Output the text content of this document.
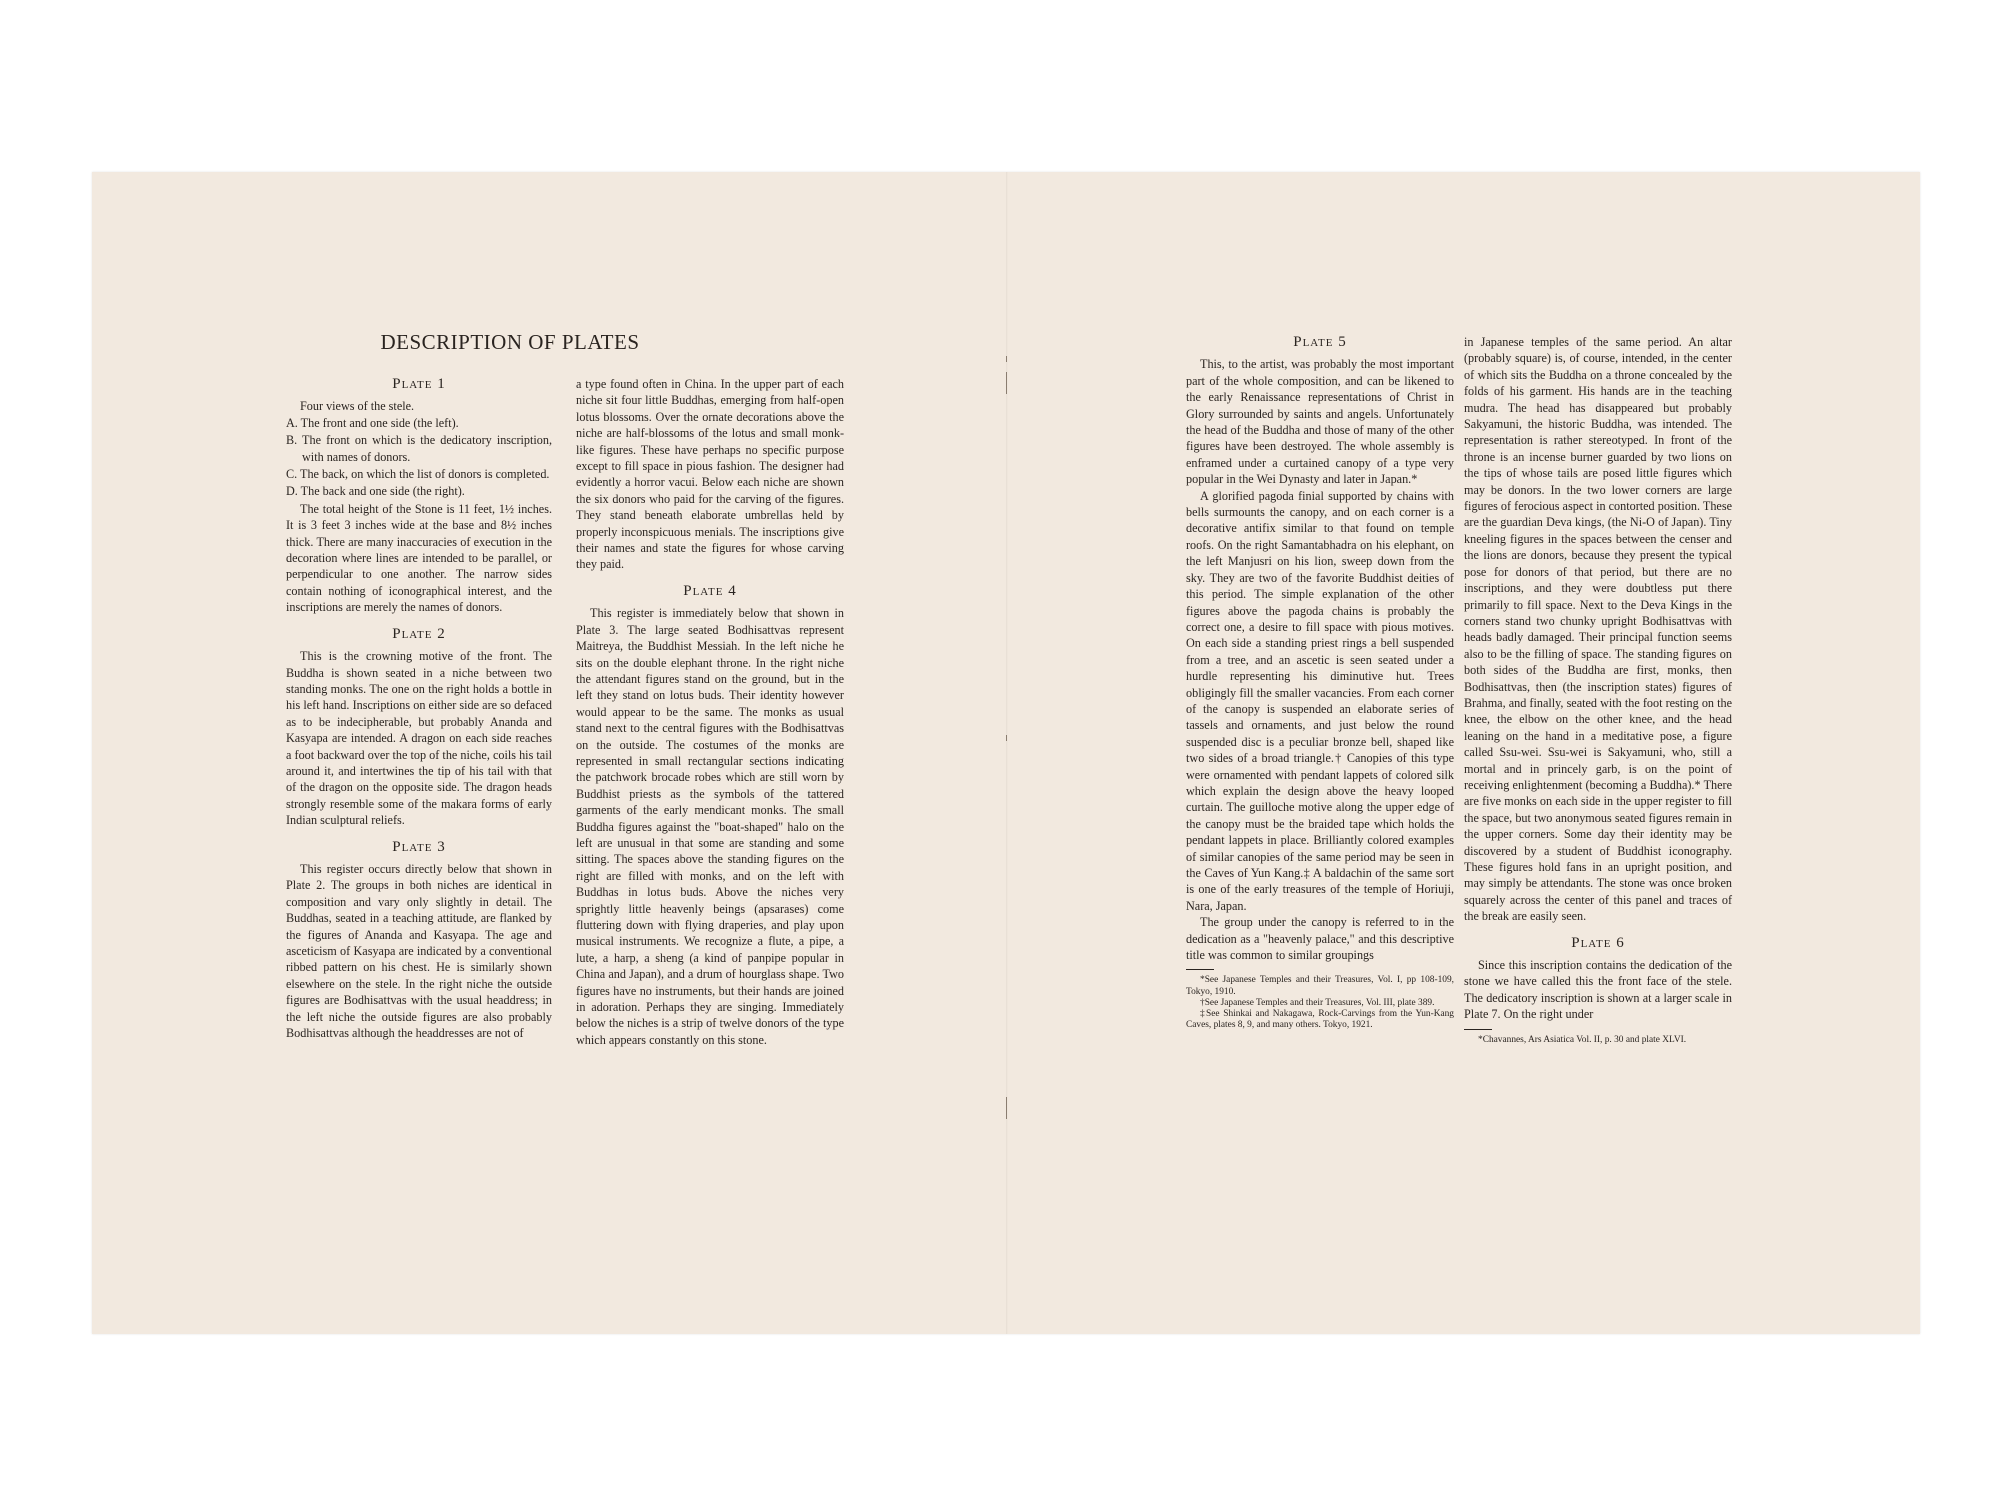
DESCRIPTION OF PLATES
Plate 1

Four views of the stele.

A. The front and one side (the left).

B. The front on which is the dedicatory inscription, with names of donors.

C. The back, on which the list of donors is completed.

D. The back and one side (the right).

The total height of the Stone is 11 feet, 1½ inches. It is 3 feet 3 inches wide at the base and 8½ inches thick. There are many inaccuracies of execution in the decoration where lines are intended to be parallel, or perpendicular to one another. The narrow sides contain nothing of iconographical interest, and the inscriptions are merely the names of donors.

Plate 2

This is the crowning motive of the front. The Buddha is shown seated in a niche between two standing monks. The one on the right holds a bottle in his left hand. Inscriptions on either side are so defaced as to be indecipherable, but probably Ananda and Kasyapa are intended. A dragon on each side reaches a foot backward over the top of the niche, coils his tail around it, and intertwines the tip of his tail with that of the dragon on the opposite side. The dragon heads strongly resemble some of the makara forms of early Indian sculptural reliefs.

Plate 3

This register occurs directly below that shown in Plate 2. The groups in both niches are identical in composition and vary only slightly in detail. The Buddhas, seated in a teaching attitude, are flanked by the figures of Ananda and Kasyapa. The age and asceticism of Kasyapa are indicated by a conventional ribbed pattern on his chest. He is similarly shown elsewhere on the stele. In the right niche the outside figures are Bodhisattvas with the usual headdress; in the left niche the outside figures are also probably Bodhisattvas although the headdresses are not of

a type found often in China. In the upper part of each niche sit four little Buddhas, emerging from half-open lotus blossoms. Over the ornate decorations above the niche are half-blossoms of the lotus and small monk-like figures. These have perhaps no specific purpose except to fill space in pious fashion. The designer had evidently a horror vacui. Below each niche are shown the six donors who paid for the carving of the figures. They stand beneath elaborate umbrellas held by properly inconspicuous menials. The inscriptions give their names and state the figures for whose carving they paid.

Plate 4

This register is immediately below that shown in Plate 3. The large seated Bodhisattvas represent Maitreya, the Buddhist Messiah. In the left niche he sits on the double elephant throne. In the right niche the attendant figures stand on the ground, but in the left they stand on lotus buds. Their identity however would appear to be the same. The monks as usual stand next to the central figures with the Bodhisattvas on the outside. The costumes of the monks are represented in small rectangular sections indicating the patchwork brocade robes which are still worn by Buddhist priests as the symbols of the tattered garments of the early mendicant monks. The small Buddha figures against the "boat-shaped" halo on the left are unusual in that some are standing and some sitting. The spaces above the standing figures on the right are filled with monks, and on the left with Buddhas in lotus buds. Above the niches very sprightly little heavenly beings (apsarases) come fluttering down with flying draperies, and play upon musical instruments. We recognize a flute, a pipe, a lute, a harp, a sheng (a kind of panpipe popular in China and Japan), and a drum of hourglass shape. Two figures have no instruments, but their hands are joined in adoration. Perhaps they are singing. Immediately below the niches is a strip of twelve donors of the type which appears constantly on this stone.

Plate 5

This, to the artist, was probably the most important part of the whole composition, and can be likened to the early Renaissance representations of Christ in Glory surrounded by saints and angels. Unfortunately the head of the Buddha and those of many of the other figures have been destroyed. The whole assembly is enframed under a curtained canopy of a type very popular in the Wei Dynasty and later in Japan.*

A glorified pagoda finial supported by chains with bells surmounts the canopy, and on each corner is a decorative antifix similar to that found on temple roofs. On the right Samantabhadra on his elephant, on the left Manjusri on his lion, sweep down from the sky. They are two of the favorite Buddhist deities of this period. The simple explanation of the other figures above the pagoda chains is probably the correct one, a desire to fill space with pious motives. On each side a standing priest rings a bell suspended from a tree, and an ascetic is seen seated under a hurdle representing his diminutive hut. Trees obligingly fill the smaller vacancies. From each corner of the canopy is suspended an elaborate series of tassels and ornaments, and just below the round suspended disc is a peculiar bronze bell, shaped like two sides of a broad triangle.† Canopies of this type were ornamented with pendant lappets of colored silk which explain the design above the heavy looped curtain. The guilloche motive along the upper edge of the canopy must be the braided tape which holds the pendant lappets in place. Brilliantly colored examples of similar canopies of the same period may be seen in the Caves of Yun Kang.‡ A baldachin of the same sort is one of the early treasures of the temple of Horiuji, Nara, Japan.

The group under the canopy is referred to in the dedication as a "heavenly palace," and this descriptive title was common to similar groupings

*See Japanese Temples and their Treasures, Vol. I, pp 108-109, Tokyo, 1910.

†See Japanese Temples and their Treasures, Vol. III, plate 389.

‡See Shinkai and Nakagawa, Rock-Carvings from the Yun-Kang Caves, plates 8, 9, and many others. Tokyo, 1921.

in Japanese temples of the same period. An altar (probably square) is, of course, intended, in the center of which sits the Buddha on a throne concealed by the folds of his garment. His hands are in the teaching mudra. The head has disappeared but probably Sakyamuni, the historic Buddha, was intended. The representation is rather stereotyped. In front of the throne is an incense burner guarded by two lions on the tips of whose tails are posed little figures which may be donors. In the two lower corners are large figures of ferocious aspect in contorted position. These are the guardian Deva kings, (the Ni-O of Japan). Tiny kneeling figures in the spaces between the censer and the lions are donors, because they present the typical pose for donors of that period, but there are no inscriptions, and they were doubtless put there primarily to fill space. Next to the Deva Kings in the corners stand two chunky upright Bodhisattvas with heads badly damaged. Their principal function seems also to be the filling of space. The standing figures on both sides of the Buddha are first, monks, then Bodhisattvas, then (the inscription states) figures of Brahma, and finally, seated with the foot resting on the knee, the elbow on the other knee, and the head leaning on the hand in a meditative pose, a figure called Ssu-wei. Ssu-wei is Sakyamuni, who, still a mortal and in princely garb, is on the point of receiving enlightenment (becoming a Buddha).* There are five monks on each side in the upper register to fill the space, but two anonymous seated figures remain in the upper corners. Some day their identity may be discovered by a student of Buddhist iconography. These figures hold fans in an upright position, and may simply be attendants. The stone was once broken squarely across the center of this panel and traces of the break are easily seen.

Plate 6

Since this inscription contains the dedication of the stone we have called this the front face of the stele. The dedicatory inscription is shown at a larger scale in Plate 7. On the right under

*Chavannes, Ars Asiatica Vol. II, p. 30 and plate XLVI.
